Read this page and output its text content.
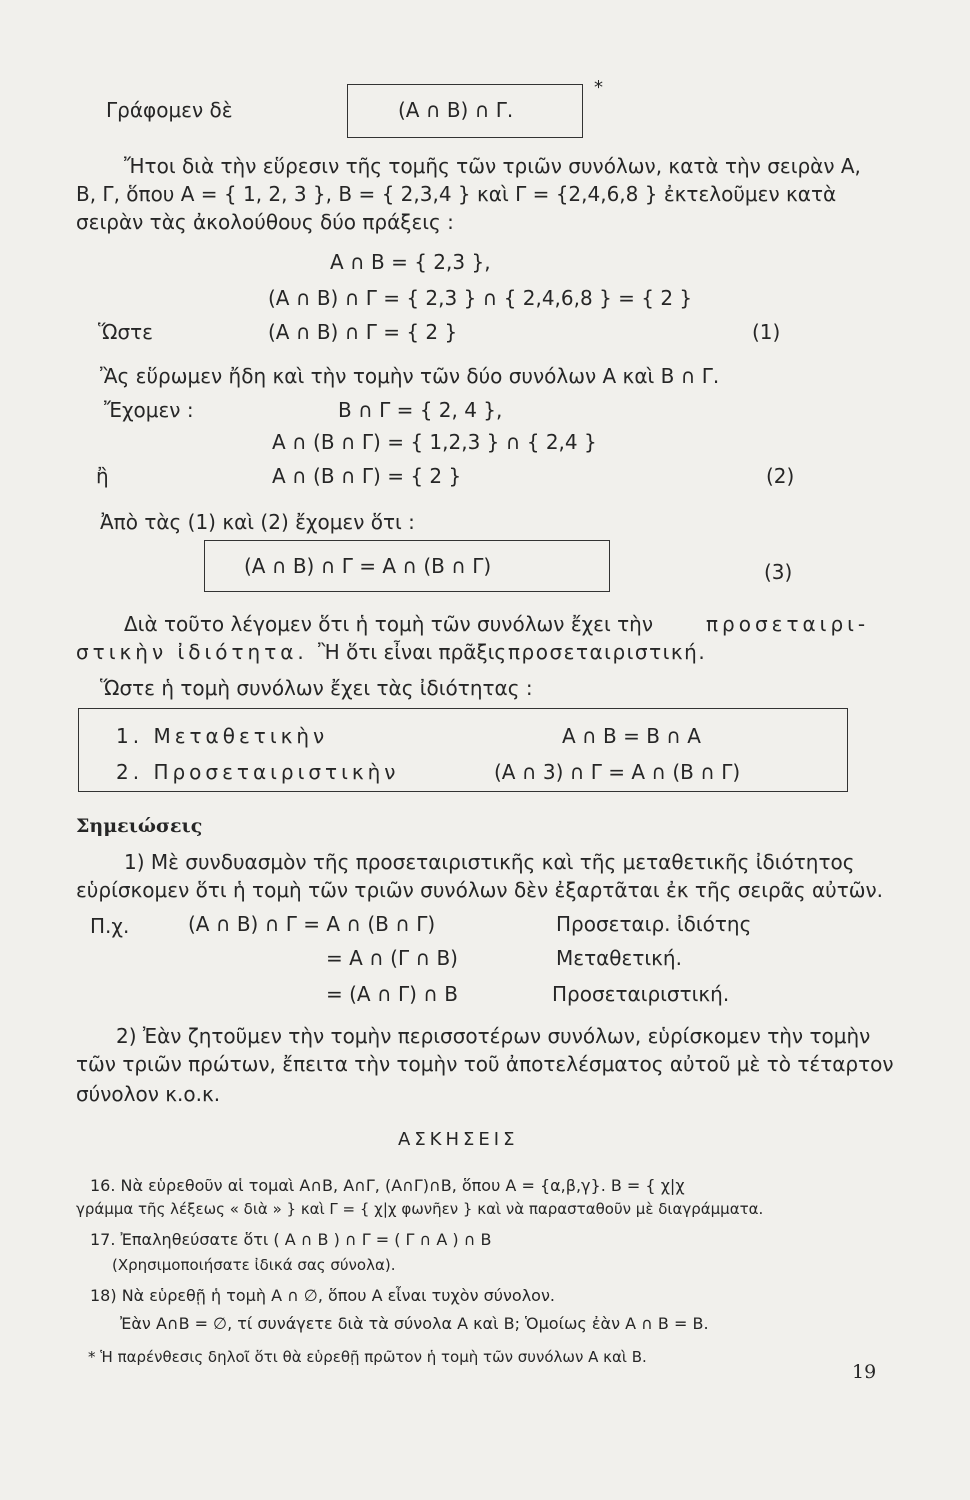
Γράφομεν δὲ	(Α ∩ Β) ∩ Γ.
*
Ἤτοι διὰ τὴν εὕρεσιν τῆς τομῆς τῶν τριῶν συνόλων, κατὰ τὴν σειρὰν Α,
Β, Γ, ὅπου Α = { 1, 2, 3 }, Β = { 2,3,4 } καὶ Γ = {2,4,6,8 } ἐκτελοῦμεν κατὰ
σειρὰν τὰς ἀκολούθους δύο πράξεις :
Α ∩ Β = { 2,3 },
(Α ∩ Β) ∩ Γ = { 2,3 } ∩ { 2,4,6,8 } = { 2 }
Ὥστε	(Α ∩ Β) ∩ Γ = { 2 }	(1)
Ἂς εὕρωμεν ἤδη καὶ τὴν τομὴν τῶν δύο συνόλων Α καὶ Β ∩ Γ.
Ἔχομεν :	Β ∩ Γ = { 2, 4 },
Α ∩ (Β ∩ Γ) = { 1,2,3 } ∩ { 2,4 }
ἢ	Α ∩ (Β ∩ Γ) = { 2 }	(2)
Ἀπὸ τὰς (1) καὶ (2) ἔχομεν ὅτι :
(Α ∩ Β) ∩ Γ = Α ∩ (Β ∩ Γ)	(3)
Διὰ τοῦτο λέγομεν ὅτι ἡ τομὴ τῶν συνόλων ἔχει τὴν	προσεταιρι-
στικὴν ἰδιότητα. Ἢ ὅτι εἶναι πρᾶξις προσεταιριστική.
Ὥστε ἡ τομὴ συνόλων ἔχει τὰς ἰδιότητας :
1. Μεταθετικὴν	Α ∩ Β = Β ∩ Α
2. Προσεταιριστικὴν	(Α ∩ 3) ∩ Γ = Α ∩ (Β ∩ Γ)
Σημειώσεις
1) Μὲ συνδυασμὸν τῆς προσεταιριστικῆς καὶ τῆς μεταθετικῆς ἰδιότητος
εὑρίσκομεν ὅτι ἡ τομὴ τῶν τριῶν συνόλων δὲν ἐξαρτᾶται ἐκ τῆς σειρᾶς αὐτῶν.
Π.χ.	(Α ∩ Β) ∩ Γ = Α ∩ (Β ∩ Γ)	Προσεταιρ. ἰδιότης
= Α ∩ (Γ ∩ Β)	Μεταθετική.
= (Α ∩ Γ) ∩ Β	Προσεταιριστική.
2) Ἐὰν ζητοῦμεν τὴν τομὴν περισσοτέρων συνόλων, εὑρίσκομεν τὴν τομὴν
τῶν τριῶν πρώτων, ἔπειτα τὴν τομὴν τοῦ ἀποτελέσματος αὐτοῦ μὲ τὸ τέταρτον
σύνολον κ.ο.κ.
ΑΣΚΗΣΕΙΣ
16. Νὰ εὑρεθοῦν αἱ τομαὶ Α∩Β, Α∩Γ, (Α∩Γ)∩Β, ὅπου Α = {α,β,γ}. Β = { χ|χ
γράμμα τῆς λέξεως « διὰ » } καὶ Γ = { χ|χ φωνῆεν } καὶ νὰ παρασταθοῦν μὲ διαγράμματα.
17. Ἐπαληθεύσατε ὅτι ( Α ∩ Β ) ∩ Γ = ( Γ ∩ Α ) ∩ Β
(Χρησιμοποιήσατε ἰδικά σας σύνολα).
18) Νὰ εὑρεθῇ ἡ τομὴ Α ∩ ∅, ὅπου Α εἶναι τυχὸν σύνολον.
Ἐὰν Α∩Β = ∅, τί συνάγετε διὰ τὰ σύνολα Α καὶ Β; Ὁμοίως ἐὰν Α ∩ Β = Β.
* Ἡ παρένθεσις δηλοῖ ὅτι θὰ εὑρεθῇ πρῶτον ἡ τομὴ τῶν συνόλων Α καὶ Β.
19
